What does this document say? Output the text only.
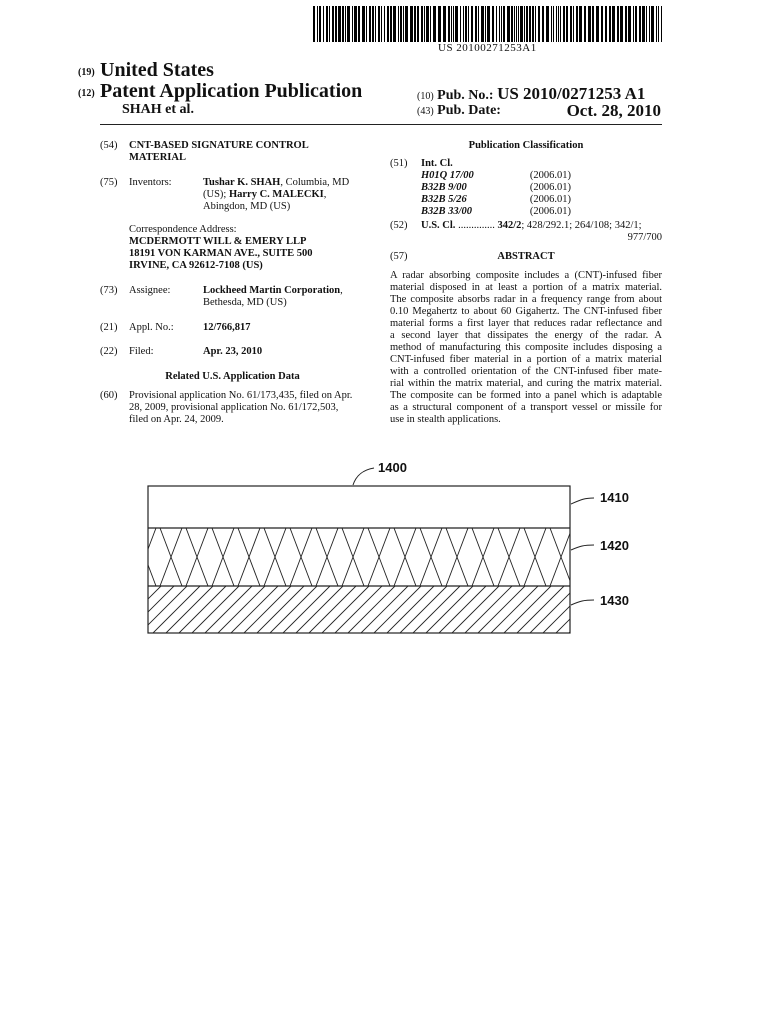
US 20100271253A1
(19) United States
(12) Patent Application Publication
SHAH et al.
(10) Pub. No.: US 2010/0271253 A1
(43) Pub. Date:	Oct. 28, 2010
(54) CNT-BASED SIGNATURE CONTROL
MATERIAL
(75) Inventors:	Tushar K. SHAH, Columbia, MD
(US); Harry C. MALECKI,
Abingdon, MD (US)
Correspondence Address:
MCDERMOTT WILL & EMERY LLP
18191 VON KARMAN AVE., SUITE 500
IRVINE, CA 92612-7108 (US)
(73) Assignee:	Lockheed Martin Corporation,
Bethesda, MD (US)
(21) Appl. No.:	12/766,817
(22) Filed:	Apr. 23, 2010
Related U.S. Application Data
(60) Provisional application No. 61/173,435, filed on Apr.
28, 2009, provisional application No. 61/172,503,
filed on Apr. 24, 2009.
Publication Classification
(51) Int. Cl.
H01Q 17/00	(2006.01)
B32B 9/00	(2006.01)
B32B 5/26	(2006.01)
B32B 33/00	(2006.01)
(52) U.S. Cl. .............. 342/2; 428/292.1; 264/108; 342/1;
977/700
(57)	ABSTRACT
A radar absorbing composite includes a (CNT)-infused fiber
material disposed in at least a portion of a matrix material.
The composite absorbs radar in a frequency range from about
0.10 Megahertz to about 60 Gigahertz. The CNT-infused fiber
material forms a first layer that reduces radar reflectance and
a second layer that dissipates the energy of the radar. A
method of manufacturing this composite includes disposing a
CNT-infused fiber material in a portion of a matrix material
with a controlled orientation of the CNT-infused fiber mate-
rial within the matrix material, and curing the matrix material.
The composite can be formed into a panel which is adaptable
as a structural component of a transport vessel or missile for
use in stealth applications.
1400
1410
1420
1430
